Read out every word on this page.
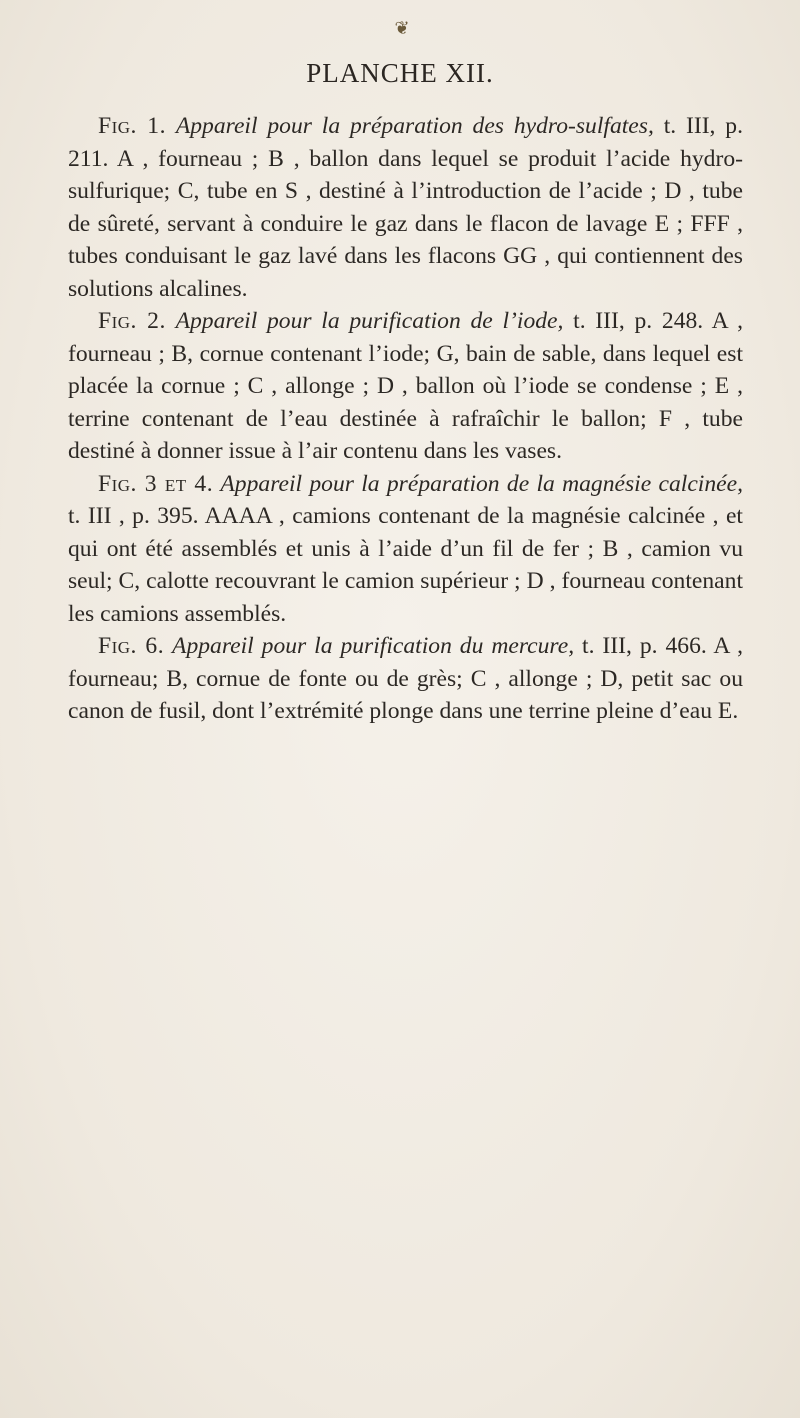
❦
PLANCHE XII.

Fig. 1. Appareil pour la préparation des hydro-sulfates, t. III, p. 211. A , fourneau ; B , ballon dans lequel se produit l’acide hydro-sulfurique; C, tube en S , destiné à l’introduction de l’acide ; D , tube de sûreté, servant à conduire le gaz dans le flacon de lavage E ; FFF , tubes conduisant le gaz lavé dans les flacons GG , qui contiennent des solutions alcalines.

Fig. 2. Appareil pour la purification de l’iode, t. III, p. 248. A , fourneau ; B, cornue contenant l’iode; G, bain de sable, dans lequel est placée la cornue ; C , allonge ; D , ballon où l’iode se condense ; E , terrine contenant de l’eau destinée à rafraîchir le ballon; F , tube destiné à donner issue à l’air contenu dans les vases.

Fig. 3 et 4. Appareil pour la préparation de la magnésie calcinée, t. III , p. 395. AAAA , camions contenant de la magnésie calcinée , et qui ont été assemblés et unis à l’aide d’un fil de fer ; B , camion vu seul; C, calotte recouvrant le camion supérieur ; D , fourneau contenant les camions assemblés.

Fig. 6. Appareil pour la purification du mercure, t. III, p. 466. A , fourneau; B, cornue de fonte ou de grès; C , allonge ; D, petit sac ou canon de fusil, dont l’extrémité plonge dans une terrine pleine d’eau E.
